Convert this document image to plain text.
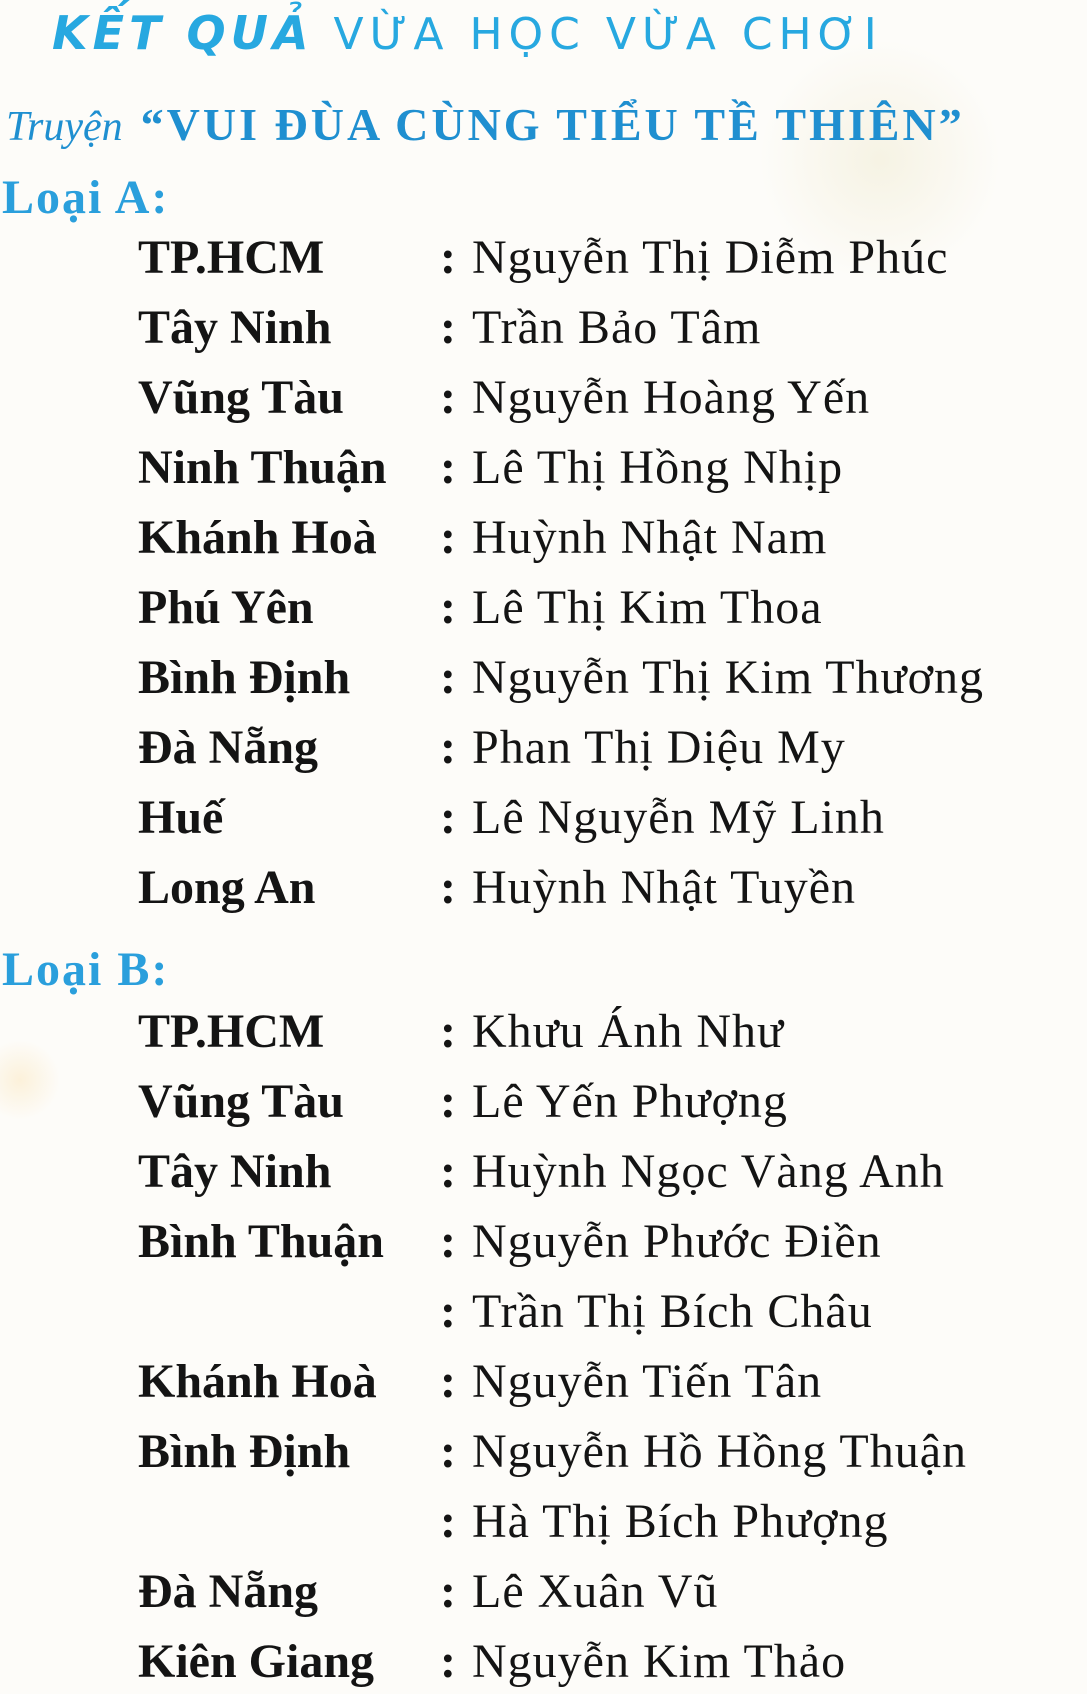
KẾT QUẢ VỪA HỌC VỪA CHƠI
Truyện “VUI ĐÙA CÙNG TIỂU TỀ THIÊN”
Loại A:
TP.HCM : Nguyễn Thị Diễm Phúc
Tây Ninh : Trần Bảo Tâm
Vũng Tàu : Nguyễn Hoàng Yến
Ninh Thuận : Lê Thị Hồng Nhịp
Khánh Hoà : Huỳnh Nhật Nam
Phú Yên	: Lê Thị Kim Thoa
Bình Định : Nguyễn Thị Kim Thương
Đà Nẵng	: Phan Thị Diệu My
Huế	: Lê Nguyễn Mỹ Linh
Long An	: Huỳnh Nhật Tuyền
Loại B:
TP.HCM : Khưu Ánh Như
Vũng Tàu : Lê Yến Phượng
Tây Ninh : Huỳnh Ngọc Vàng Anh
Bình Thuận : Nguyễn Phước Điền
: Trần Thị Bích Châu
Khánh Hoà : Nguyễn Tiến Tân
Bình Định : Nguyễn Hồ Hồng Thuận
: Hà Thị Bích Phượng
Đà Nẵng	: Lê Xuân Vũ
Kiên Giang : Nguyễn Kim Thảo
